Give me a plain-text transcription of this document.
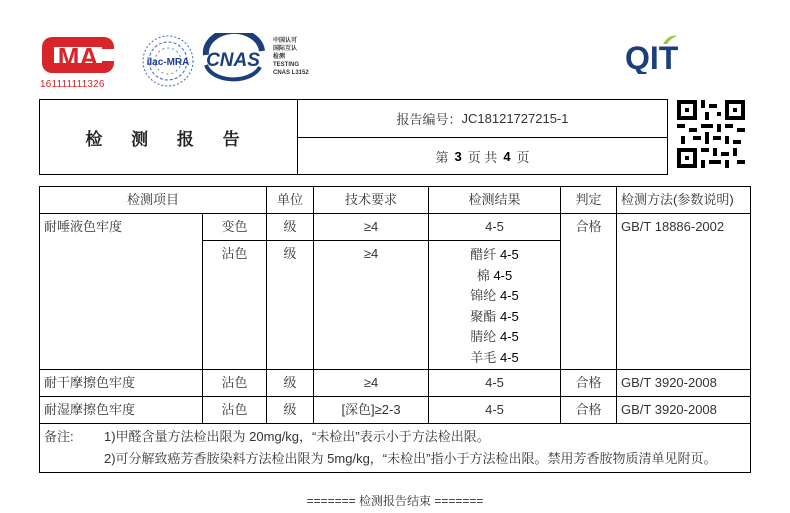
MA
161111111326
ilac-MRA CNAS
中国认可
国际互认
检测
TESTING
CNAS L3152	QIT
检 测 报 告
报告编号： JC18121727215-1
第 3 页 共 4 页
检测项目		单位	技术要求	检测结果	判定	检测方法(参数说明)
耐唾液色牢度	变色	级	≥4	4-5	合格	GB/T 18886-2002
沾色	级	≥4	醋纤 4-5
棉 4-5
锦纶 4-5
聚酯 4-5
腈纶 4-5
羊毛 4-5

耐干摩擦色牢度	沾色	级	≥4	4-5	合格	GB/T 3920-2008
耐湿摩擦色牢度	沾色	级	[深色]≥2-3	4-5	合格	GB/T 3920-2008

备注: 1)甲醛含量方法检出限为 20mg/kg，“未检出”表示小于方法检出限。
2)可分解致癌芳香胺染料方法检出限为 5mg/kg，“未检出”指小于方法检出限。禁用芳香胺物质清单见附页。						
======= 检测报告结束 =======
